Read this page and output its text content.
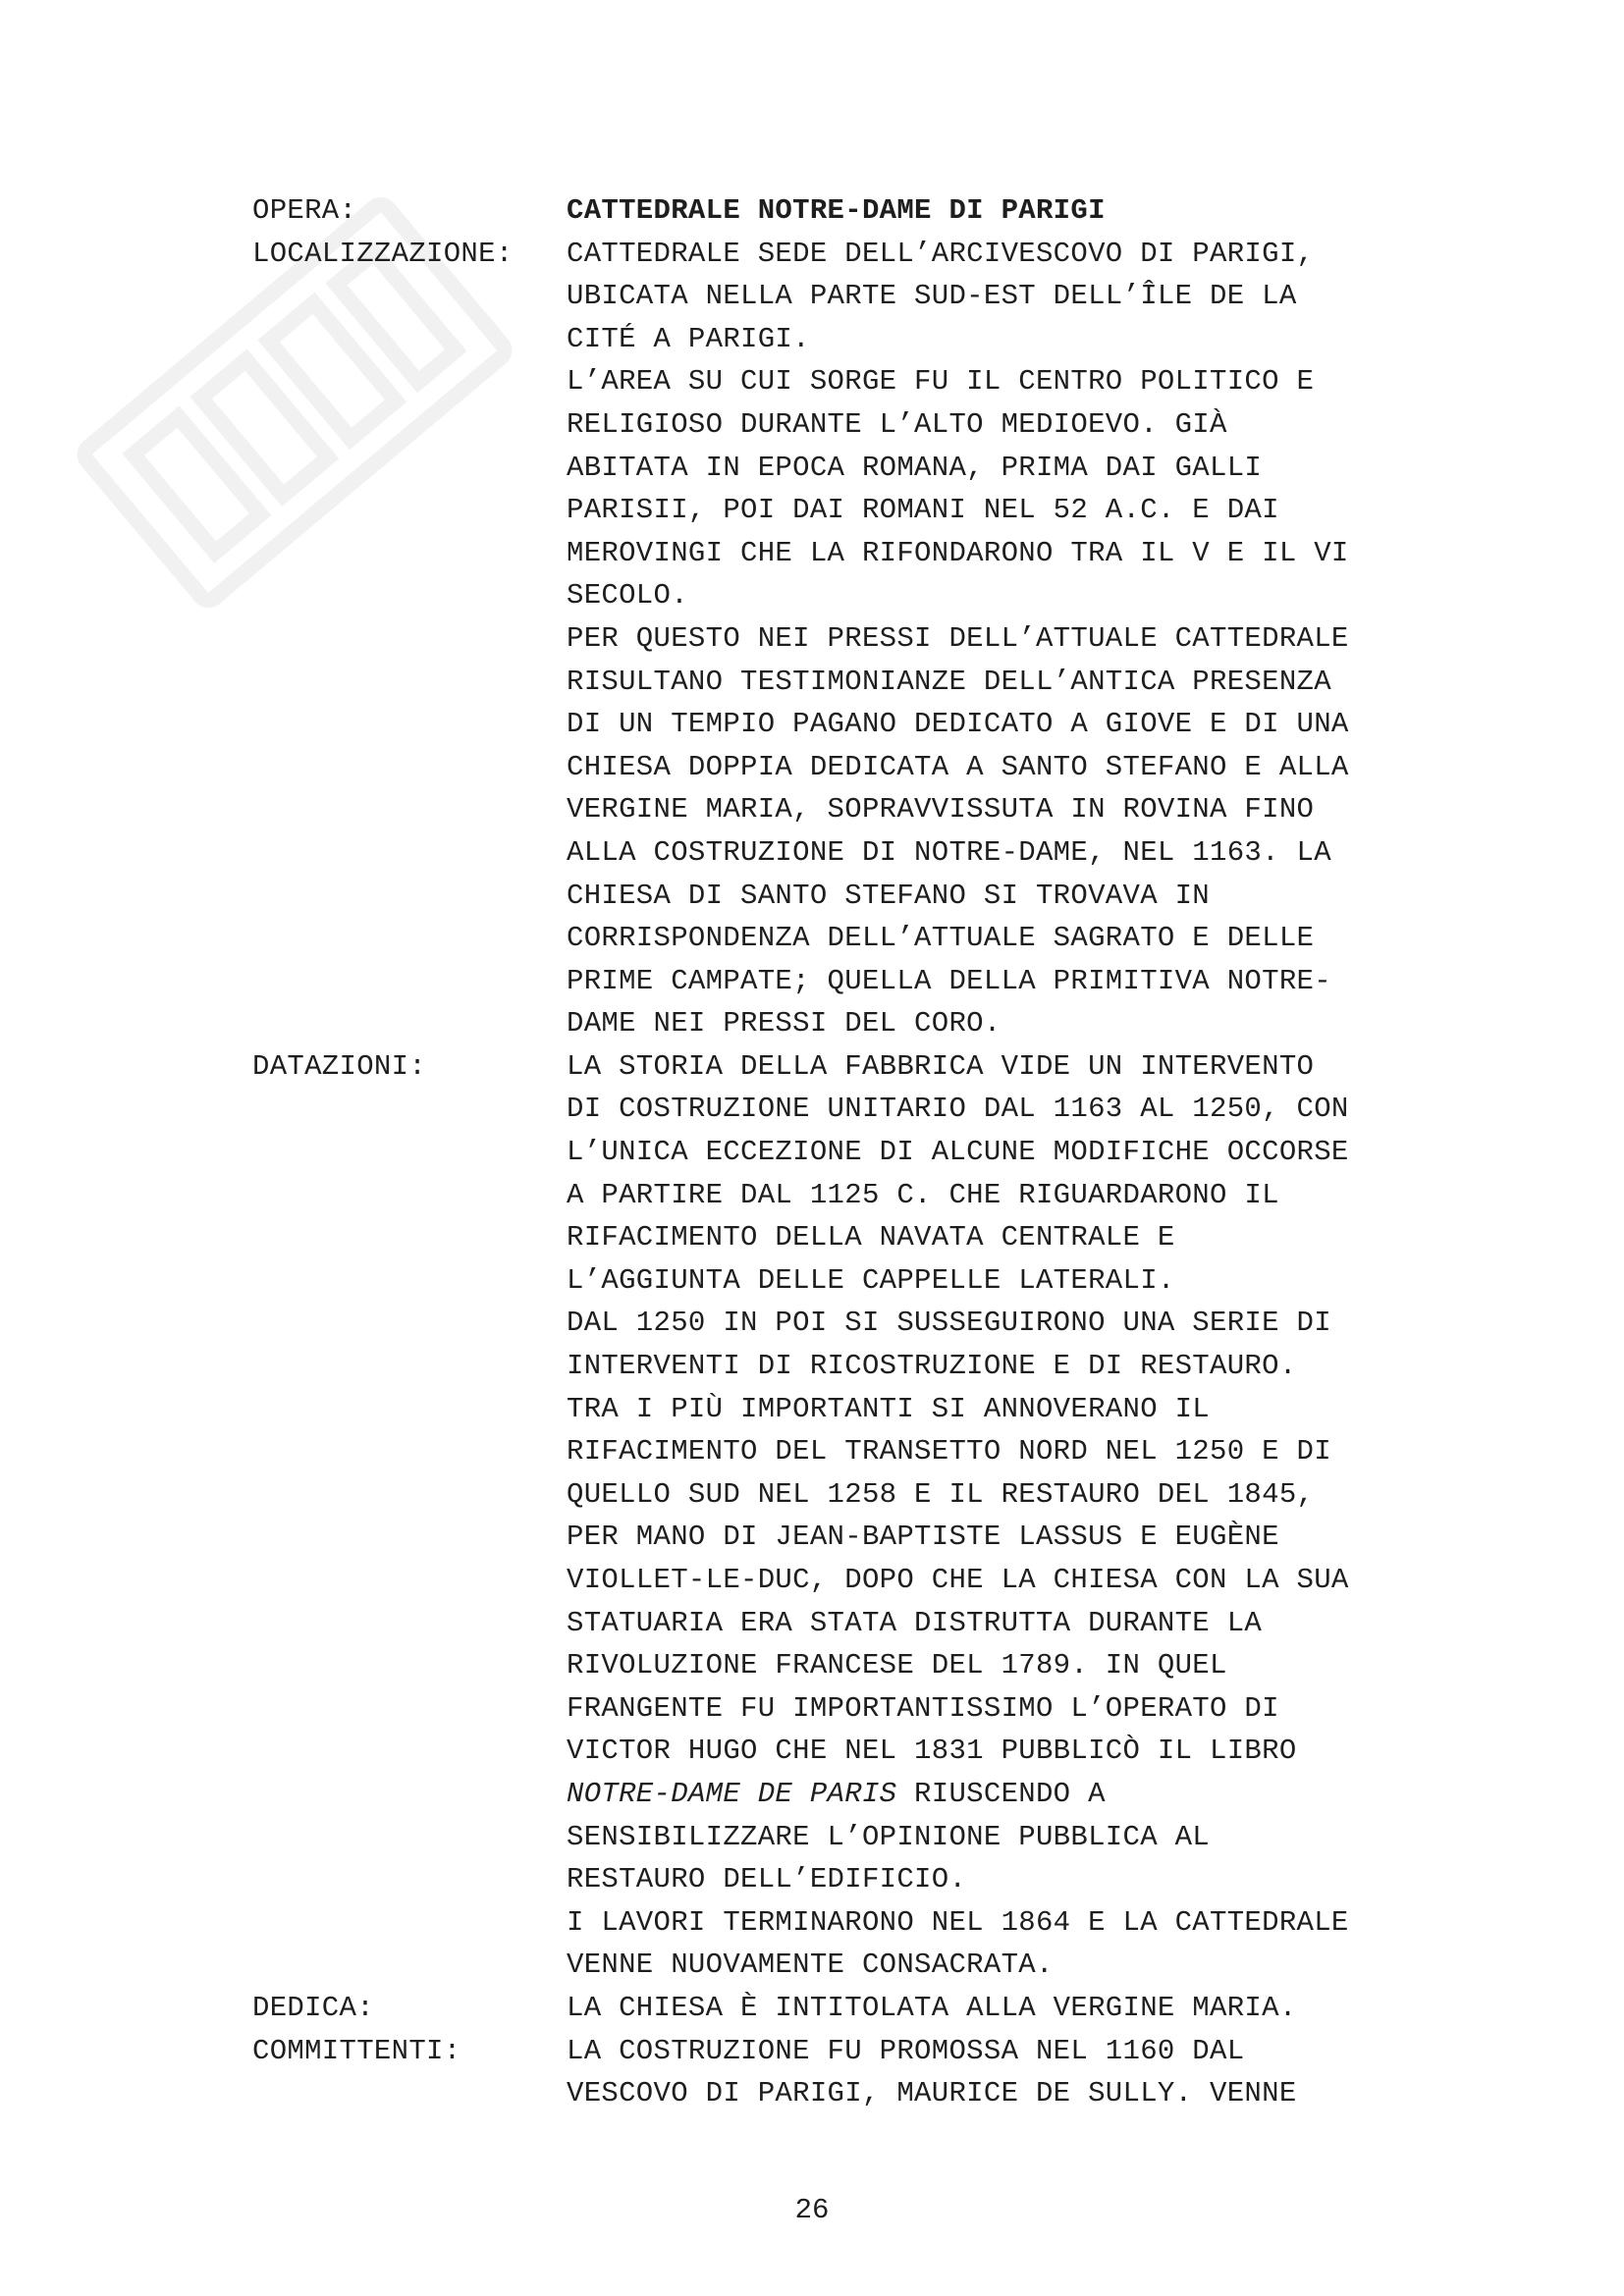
OPERA:	CATTEDRALE NOTRE-DAME DI PARIGI
LOCALIZZAZIONE:	CATTEDRALE SEDE DELL’ARCIVESCOVO DI PARIGI,
UBICATA NELLA PARTE SUD-EST DELL’ÎLE DE LA
CITÉ A PARIGI.
L’AREA SU CUI SORGE FU IL CENTRO POLITICO E
RELIGIOSO DURANTE L’ALTO MEDIOEVO. GIÀ
ABITATA IN EPOCA ROMANA, PRIMA DAI GALLI
PARISII, POI DAI ROMANI NEL 52 A.C. E DAI
MEROVINGI CHE LA RIFONDARONO TRA IL V E IL VI
SECOLO.
PER QUESTO NEI PRESSI DELL’ATTUALE CATTEDRALE
RISULTANO TESTIMONIANZE DELL’ANTICA PRESENZA
DI UN TEMPIO PAGANO DEDICATO A GIOVE E DI UNA
CHIESA DOPPIA DEDICATA A SANTO STEFANO E ALLA
VERGINE MARIA, SOPRAVVISSUTA IN ROVINA FINO
ALLA COSTRUZIONE DI NOTRE-DAME, NEL 1163. LA
CHIESA DI SANTO STEFANO SI TROVAVA IN
CORRISPONDENZA DELL’ATTUALE SAGRATO E DELLE
PRIME CAMPATE; QUELLA DELLA PRIMITIVA NOTRE-
DAME NEI PRESSI DEL CORO.
DATAZIONI:	LA STORIA DELLA FABBRICA VIDE UN INTERVENTO
DI COSTRUZIONE UNITARIO DAL 1163 AL 1250, CON
L’UNICA ECCEZIONE DI ALCUNE MODIFICHE OCCORSE
A PARTIRE DAL 1125 C. CHE RIGUARDARONO IL
RIFACIMENTO DELLA NAVATA CENTRALE E
L’AGGIUNTA DELLE CAPPELLE LATERALI.
DAL 1250 IN POI SI SUSSEGUIRONO UNA SERIE DI
INTERVENTI DI RICOSTRUZIONE E DI RESTAURO.
TRA I PIÙ IMPORTANTI SI ANNOVERANO IL
RIFACIMENTO DEL TRANSETTO NORD NEL 1250 E DI
QUELLO SUD NEL 1258 E IL RESTAURO DEL 1845,
PER MANO DI JEAN-BAPTISTE LASSUS E EUGÈNE
VIOLLET-LE-DUC, DOPO CHE LA CHIESA CON LA SUA
STATUARIA ERA STATA DISTRUTTA DURANTE LA
RIVOLUZIONE FRANCESE DEL 1789. IN QUEL
FRANGENTE FU IMPORTANTISSIMO L’OPERATO DI
VICTOR HUGO CHE NEL 1831 PUBBLICÒ IL LIBRO
NOTRE-DAME DE PARIS RIUSCENDO A
SENSIBILIZZARE L’OPINIONE PUBBLICA AL
RESTAURO DELL’EDIFICIO.
I LAVORI TERMINARONO NEL 1864 E LA CATTEDRALE
VENNE NUOVAMENTE CONSACRATA.
DEDICA:	LA CHIESA È INTITOLATA ALLA VERGINE MARIA.
COMMITTENTI:	LA COSTRUZIONE FU PROMOSSA NEL 1160 DAL
VESCOVO DI PARIGI, MAURICE DE SULLY. VENNE
26
